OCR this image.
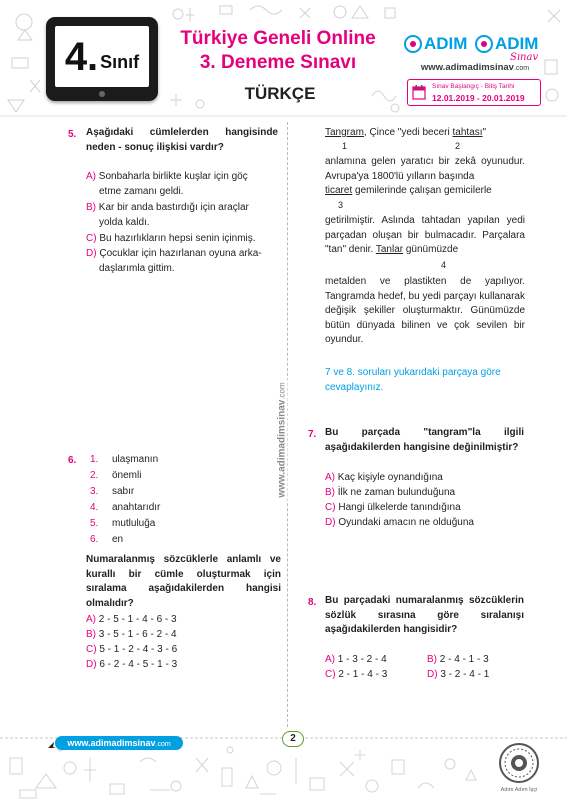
4. Sınıf
Türkiye Geneli Online
3. Deneme Sınavı
TÜRKÇE
ADIM ADIM
Sınav
www.adimadimsinav.com
Sınav Başlangıç - Bitiş Tarihi
12.01.2019 - 20.01.2019
www.adimadimsinav.com
5. Aşağıdaki cümlelerden hangisinde neden - sonuç ilişkisi vardır?
A) Sonbaharla birlikte kuşlar için göç
etme zamanı geldi.
B) Kar bir anda bastırdığı için araçlar
yolda kaldı.
C) Bu hazırlıkların hepsi senin içinmiş.
D) Çocuklar için hazırlanan oyuna arka-
daşlarımla gittim.
6. 1. ulaşmanın
2. önemli
3. sabır
4. anahtarıdır
5. mutluluğa
6. en
Numaralanmış sözcüklerle anlamlı ve kurallı bir cümle oluşturmak için sıralama aşağıdakilerden hangisi olmalıdır?
A) 2 - 5 - 1 - 4 - 6 - 3
B) 3 - 5 - 1 - 6 - 2 - 4
C) 5 - 1 - 2 - 4 - 3 - 6
D) 6 - 2 - 4 - 5 - 1 - 3
Tangram, Çince "yedi beceri tahtası"
1	2
anlamına gelen yaratıcı bir zekâ oyunudur. Avrupa'ya 1800'lü yılların başında
ticaret gemilerinde çalışan gemicilerle
3
getirilmiştir. Aslında tahtadan yapılan yedi parçadan oluşan bir bulmacadır. Parçalara "tan" denir. Tanlar günümüzde
4
metalden ve plastikten de yapılıyor. Tangramda hedef, bu yedi parçayı kullanarak değişik şekiller oluşturmaktır. Günümüzde bütün dünyada bilinen ve çok sevilen bir oyundur.
7 ve 8. soruları yukarıdaki parçaya göre cevaplayınız.
7. Bu parçada "tangram"la ilgili aşağıdakilerden hangisine değinilmiştir?
A) Kaç kişiyle oynandığına
B) İlk ne zaman bulunduğuna
C) Hangi ülkelerde tanındığına
D) Oyundaki amacın ne olduğuna
8. Bu parçadaki numaralanmış sözcüklerin sözlük sırasına göre sıralanışı aşağıdakilerden hangisidir?
A) 1 - 3 - 2 - 4	B) 2 - 4 - 1 - 3
C) 2 - 1 - 4 - 3	D) 3 - 2 - 4 - 1
www.adimadimsinav.com
2
Adım Adım İşçi
